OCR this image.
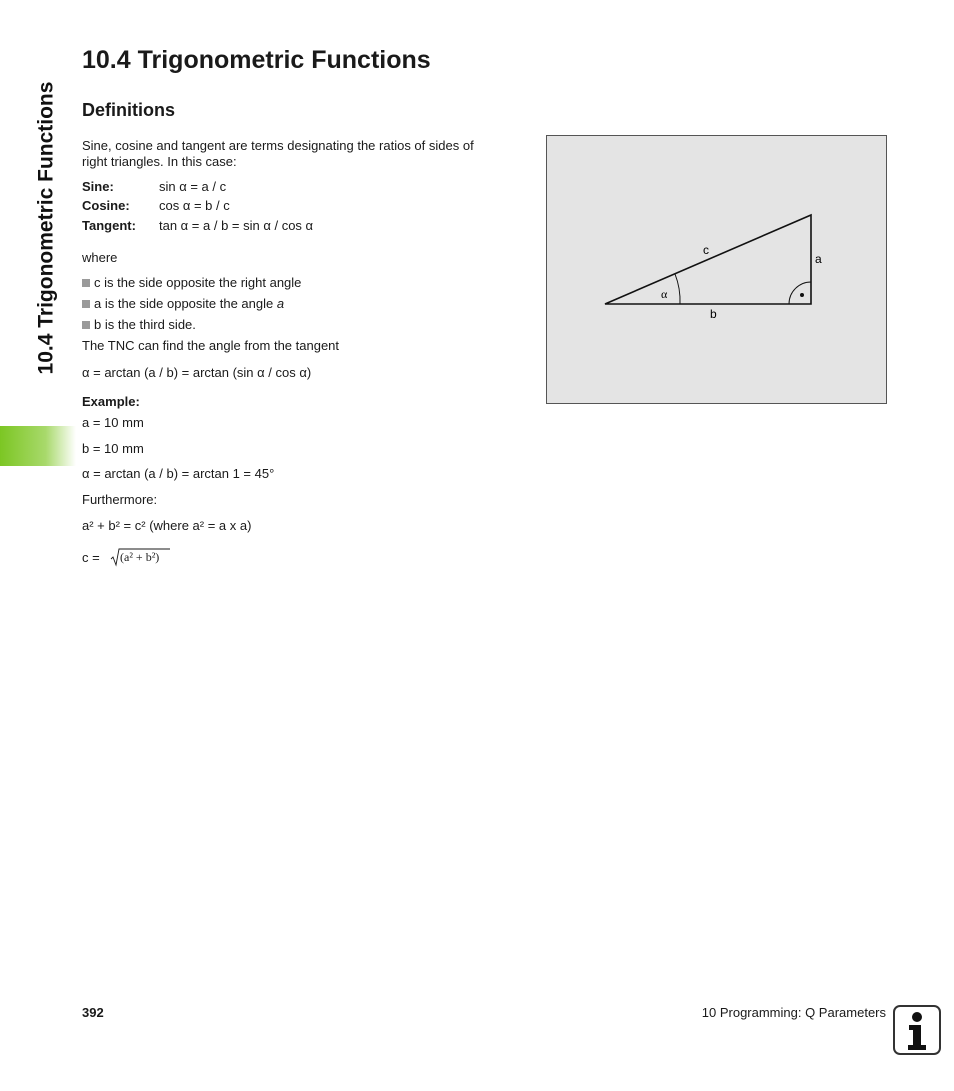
10.4 Trigonometric Functions
10.4 Trigonometric Functions
Definitions
Sine, cosine and tangent are terms designating the ratios of sides of
right triangles. In this case:
Sine:	sin α = a / c
Cosine: cos α = b / c
Tangent: tan α = a / b = sin α / cos α
where
c is the side opposite the right angle
a is the side opposite the angle a
b is the third side.
The TNC can find the angle from the tangent
α = arctan (a / b) = arctan (sin α / cos α)
Example:
a = 10 mm
b = 10 mm
α = arctan (a / b) = arctan 1 = 45°
Furthermore:
a² + b² = c² (where a² = a x a)
c = (a² + b²)
c
a
b
α
392	10 Programming: Q Parameters
